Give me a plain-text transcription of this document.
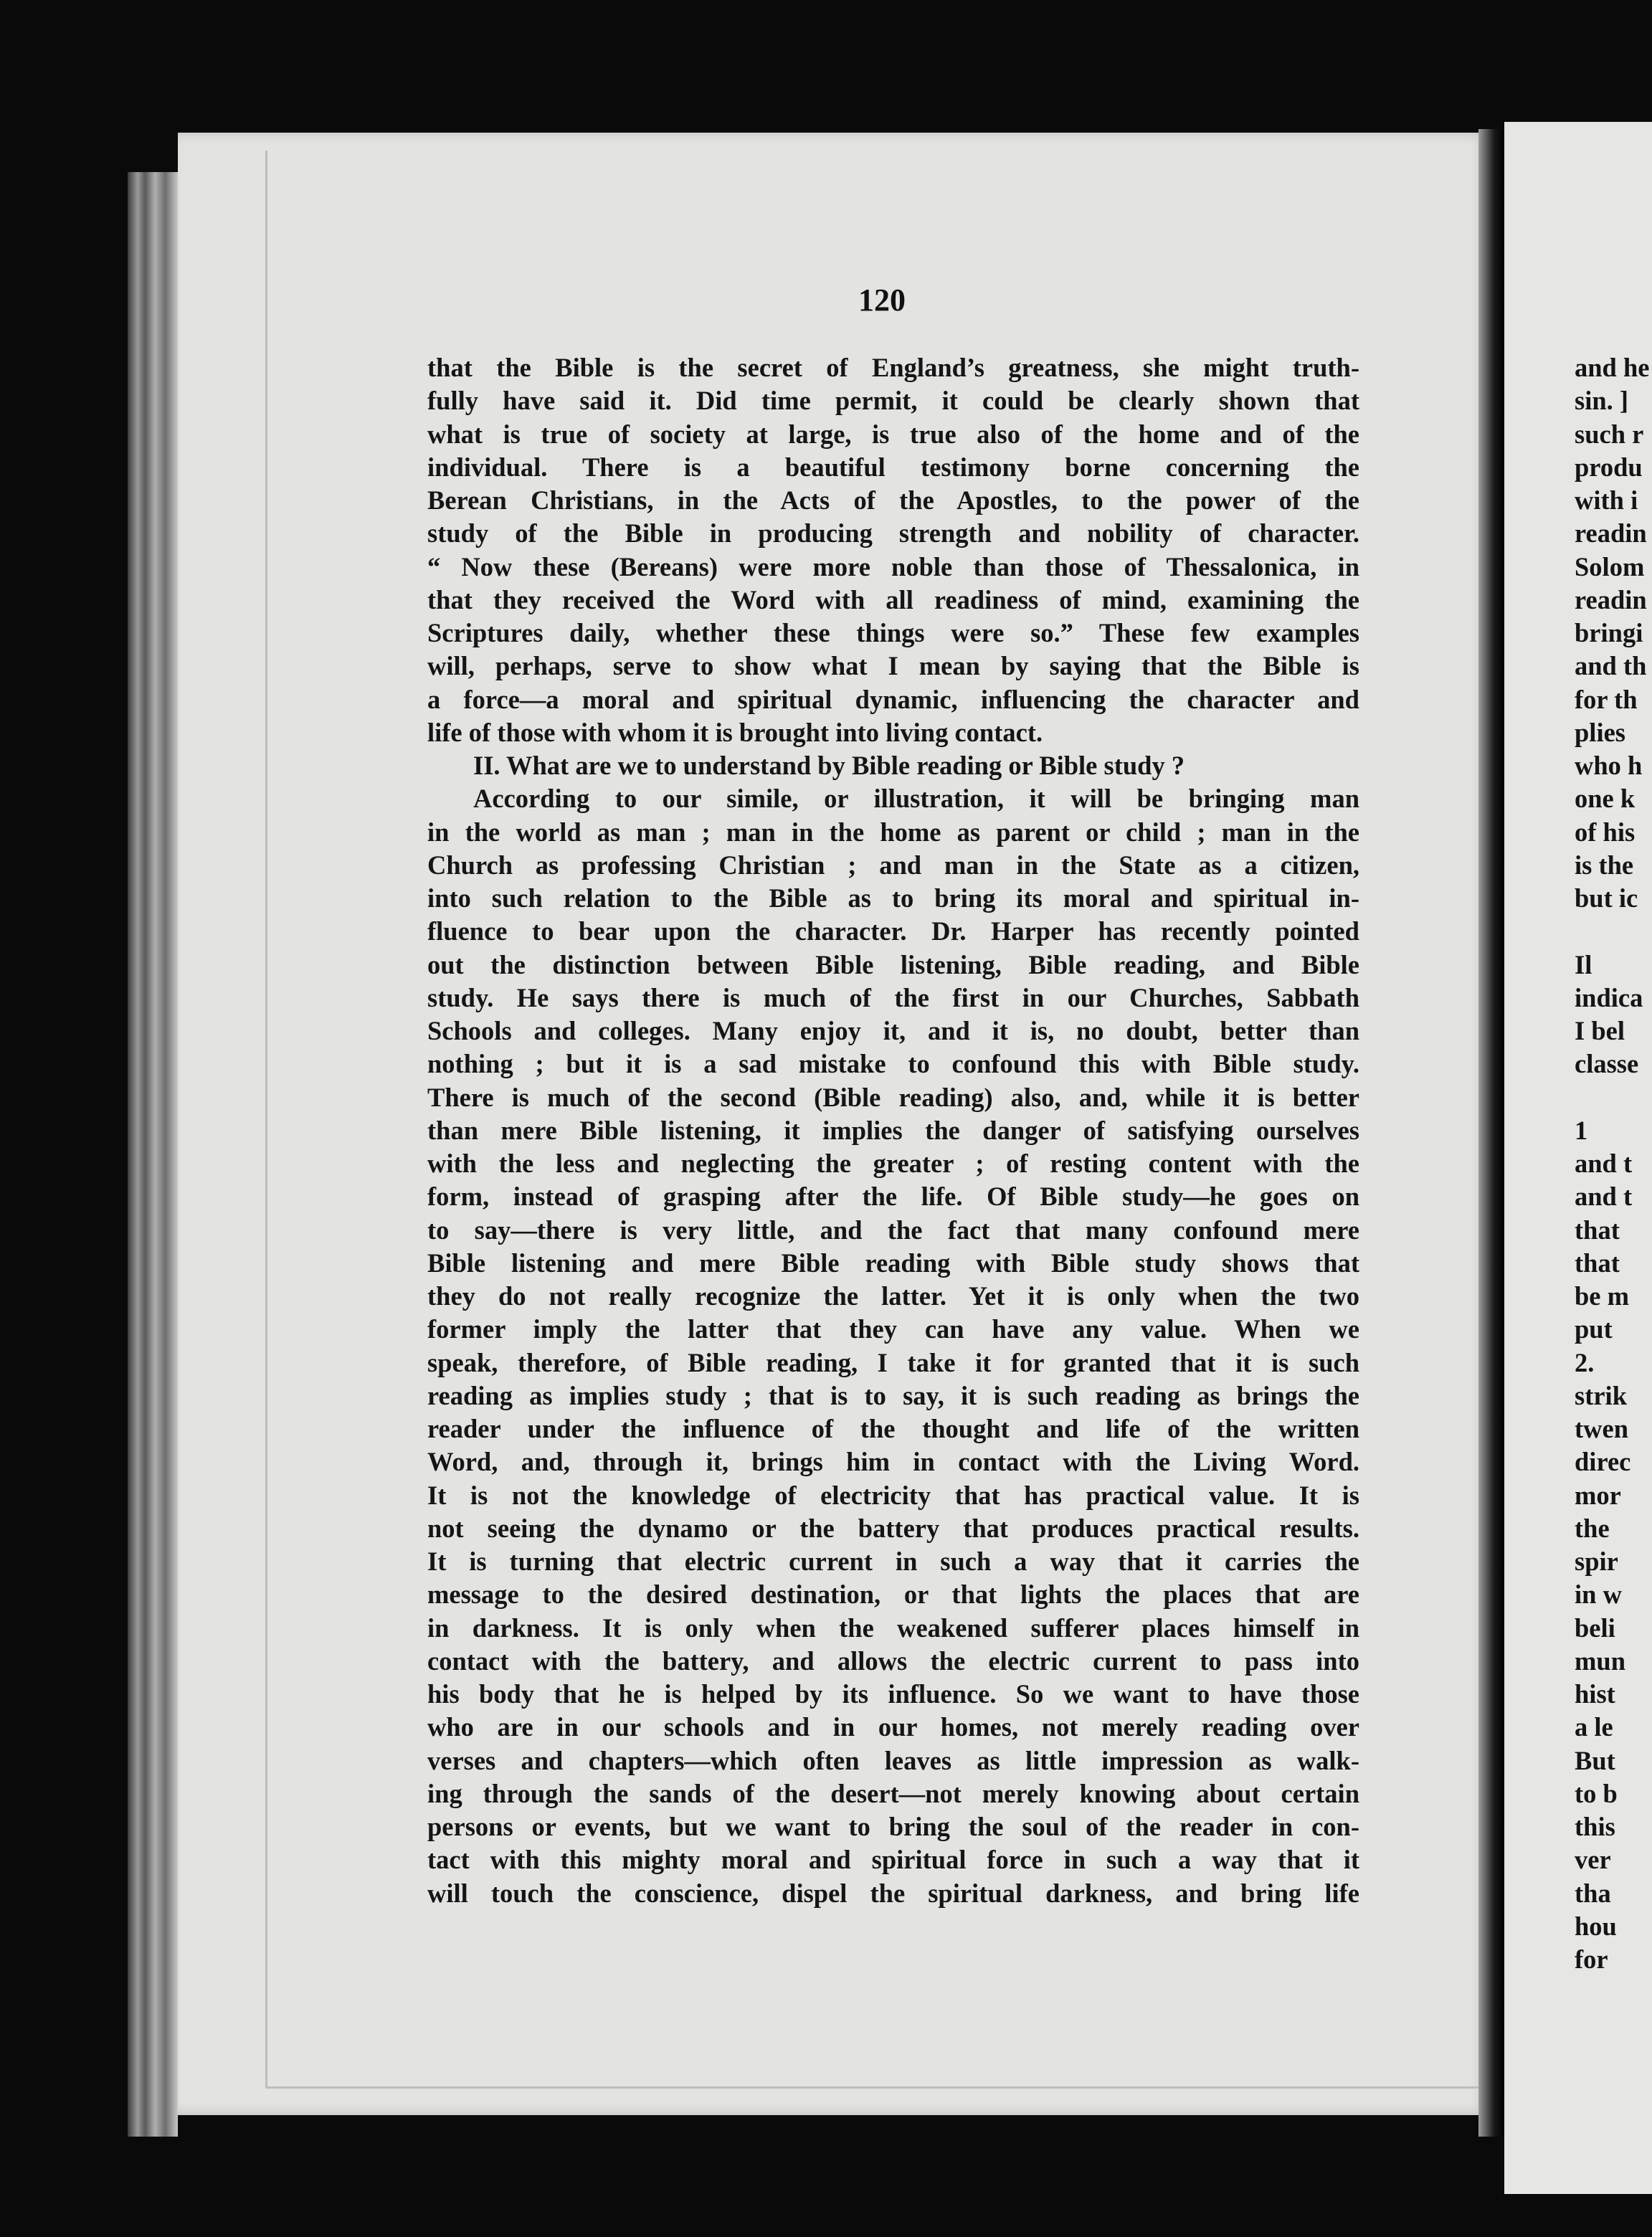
120
that the Bible is the secret of England’s greatness, she might truth-
fully have said it. Did time permit, it could be clearly shown that
what is true of society at large, is true also of the home and of the
individual. There is a beautiful testimony borne concerning the
Berean Christians, in the Acts of the Apostles, to the power of the
study of the Bible in producing strength and nobility of character.
“ Now these (Bereans) were more noble than those of Thessalonica, in
that they received the Word with all readiness of mind, examining the
Scriptures daily, whether these things were so.” These few examples
will, perhaps, serve to show what I mean by saying that the Bible is
a force—a moral and spiritual dynamic, influencing the character and
life of those with whom it is brought into living contact.
II. What are we to understand by Bible reading or Bible study ?
According to our simile, or illustration, it will be bringing man
in the world as man ; man in the home as parent or child ; man in the
Church as professing Christian ; and man in the State as a citizen,
into such relation to the Bible as to bring its moral and spiritual in-
fluence to bear upon the character. Dr. Harper has recently pointed
out the distinction between Bible listening, Bible reading, and Bible
study. He says there is much of the first in our Churches, Sabbath
Schools and colleges. Many enjoy it, and it is, no doubt, better than
nothing ; but it is a sad mistake to confound this with Bible study.
There is much of the second (Bible reading) also, and, while it is better
than mere Bible listening, it implies the danger of satisfying ourselves
with the less and neglecting the greater ; of resting content with the
form, instead of grasping after the life. Of Bible study—he goes on
to say—there is very little, and the fact that many confound mere
Bible listening and mere Bible reading with Bible study shows that
they do not really recognize the latter. Yet it is only when the two
former imply the latter that they can have any value. When we
speak, therefore, of Bible reading, I take it for granted that it is such
reading as implies study ; that is to say, it is such reading as brings the
reader under the influence of the thought and life of the written
Word, and, through it, brings him in contact with the Living Word.
It is not the knowledge of electricity that has practical value. It is
not seeing the dynamo or the battery that produces practical results.
It is turning that electric current in such a way that it carries the
message to the desired destination, or that lights the places that are
in darkness. It is only when the weakened sufferer places himself in
contact with the battery, and allows the electric current to pass into
his body that he is helped by its influence. So we want to have those
who are in our schools and in our homes, not merely reading over
verses and chapters—which often leaves as little impression as walk-
ing through the sands of the desert—not merely knowing about certain
persons or events, but we want to bring the soul of the reader in con-
tact with this mighty moral and spiritual force in such a way that it
will touch the conscience, dispel the spiritual darkness, and bring life
and he
sin. ]
such r
produ
with i
readin
Solom
readin
bringi
and th
for th
plies
who h
one k
of his
is the
but ic
Il
indica
I bel
classe
1
and t
and t
that
that
be m
put
2.
strik
twen
direc
mor
the
spir
in w
beli
mun
hist
a le
But
to b
this
ver
tha
hou
for
